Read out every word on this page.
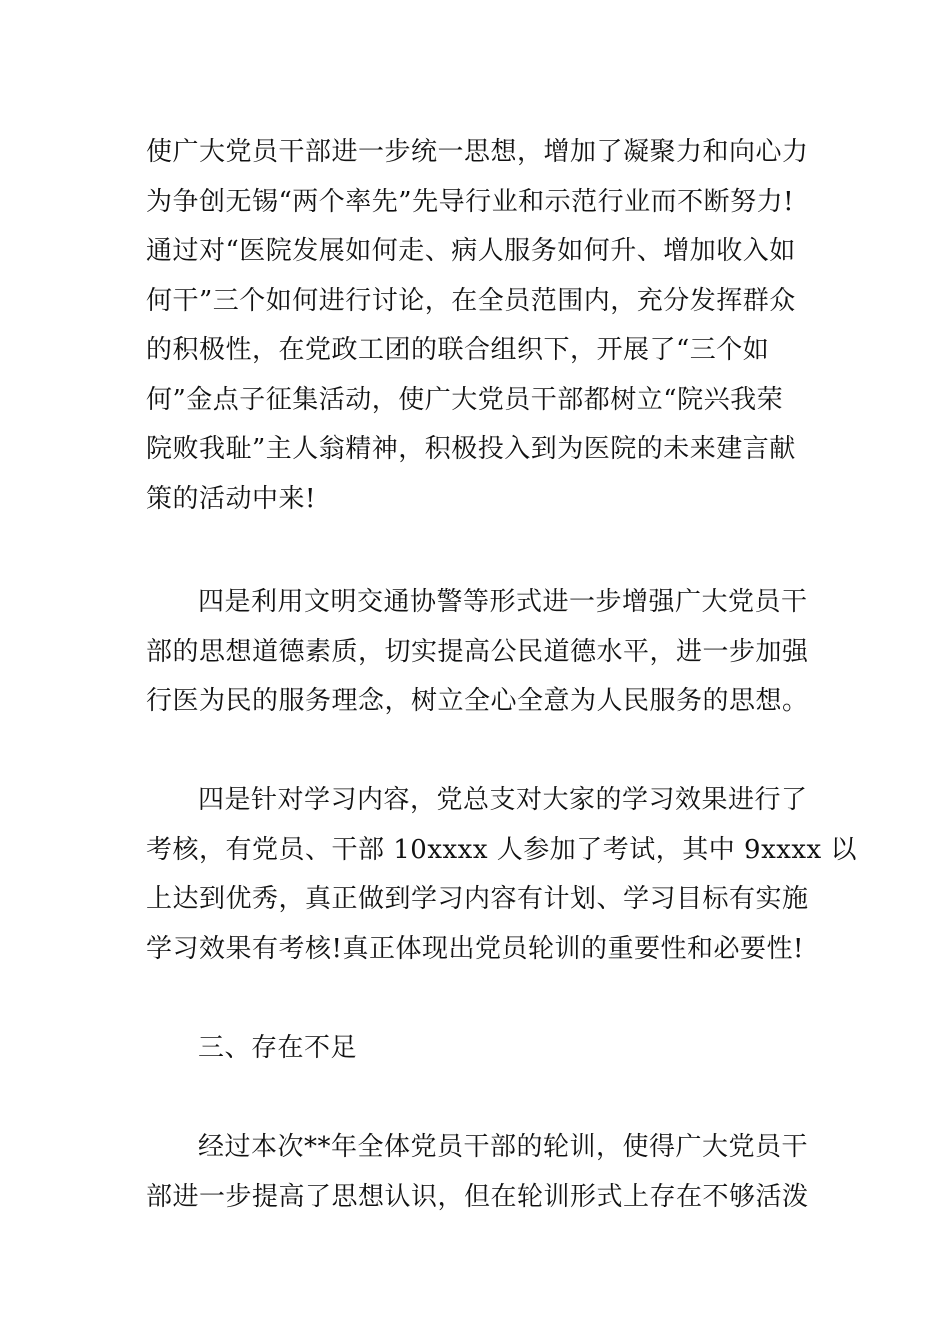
使广大党员干部进一步统一思想，增加了凝聚力和向心力
为争创无锡“两个率先”先导行业和示范行业而不断努力!
通过对“医院发展如何走、病人服务如何升、增加收入如
何干”三个如何进行讨论，在全员范围内，充分发挥群众
的积极性，在党政工团的联合组织下，开展了“三个如
何”金点子征集活动，使广大党员干部都树立“院兴我荣
院败我耻”主人翁精神，积极投入到为医院的未来建言献
策的活动中来!
四是利用文明交通协警等形式进一步增强广大党员干
部的思想道德素质，切实提高公民道德水平，进一步加强
行医为民的服务理念，树立全心全意为人民服务的思想。
四是针对学习内容，党总支对大家的学习效果进行了
考核，有党员、干部 10xxxx 人参加了考试，其中 9xxxx 以
上达到优秀，真正做到学习内容有计划、学习目标有实施
学习效果有考核!真正体现出党员轮训的重要性和必要性!
三、存在不足
经过本次**年全体党员干部的轮训，使得广大党员干
部进一步提高了思想认识，但在轮训形式上存在不够活泼
